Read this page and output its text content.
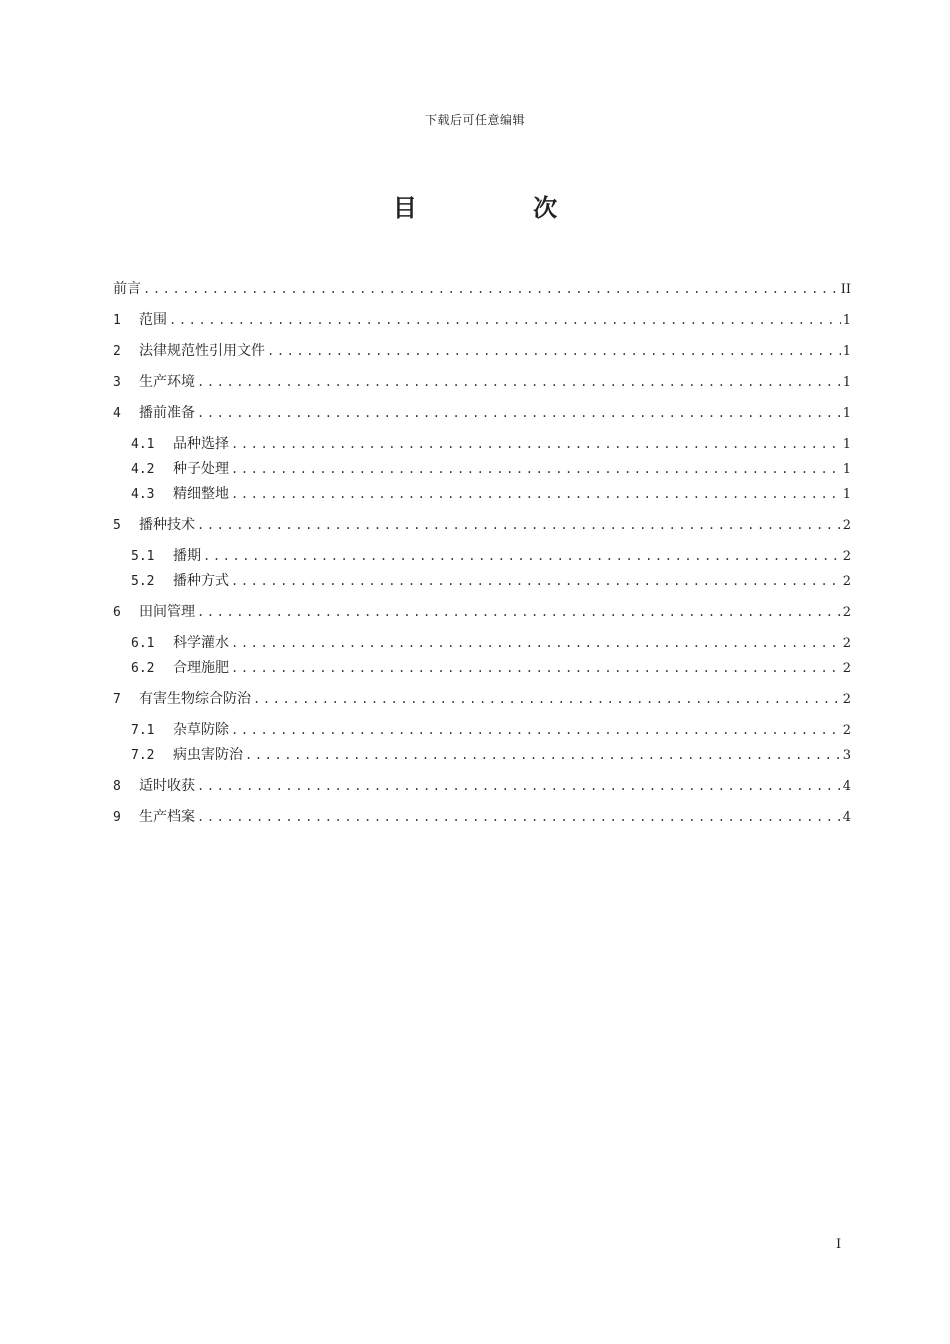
下载后可任意编辑
目 次
前言 .....	II
1	范围 .....	1
2	法律规范性引用文件 .....	1
3	生产环境 .....	1
4	播前准备 .....	1
4.1	品种选择 .....	1
4.2	种子处理 .....	1
4.3	精细整地 .....	1
5	播种技术 .....	2
5.1	播期 .....	2
5.2	播种方式 .....	2
6	田间管理 .....	2
6.1	科学灌水 .....	2
6.2	合理施肥 .....	2
7	有害生物综合防治 .....	2
7.1	杂草防除 .....	2
7.2	病虫害防治 .....	3
8	适时收获 .....	4
9	生产档案 .....	4
I
